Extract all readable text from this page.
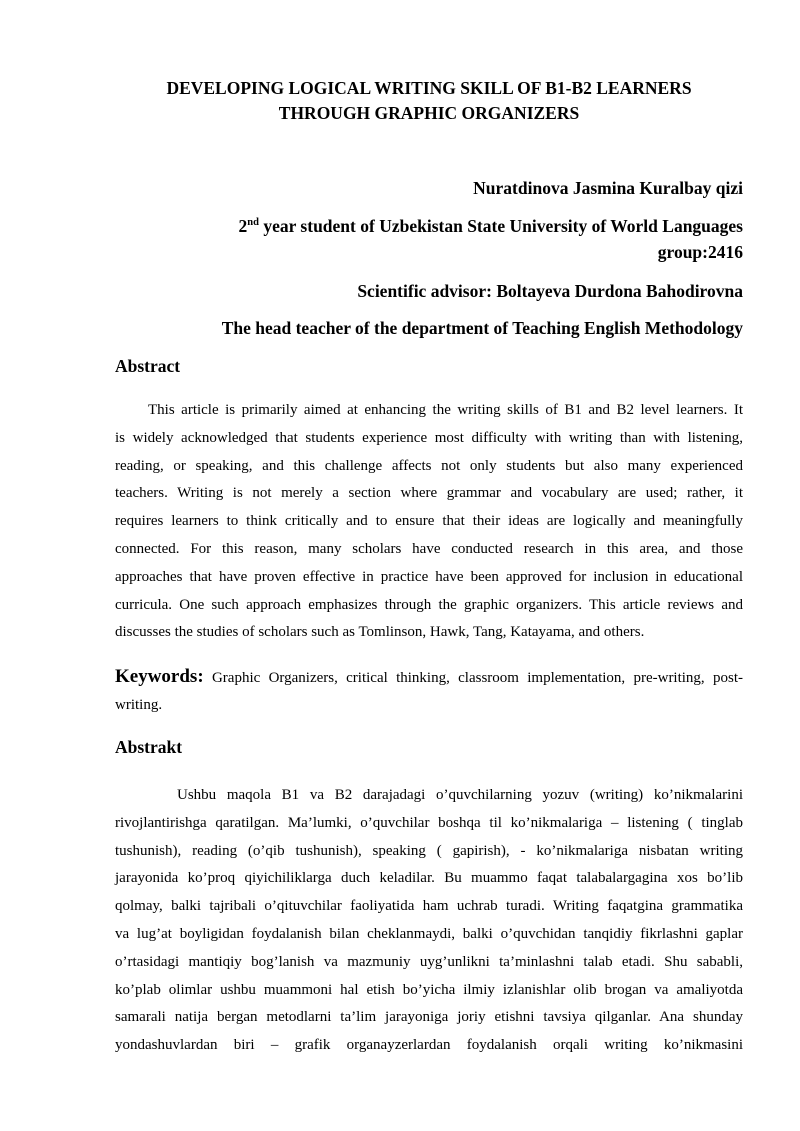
DEVELOPING LOGICAL WRITING SKILL OF B1-B2 LEARNERS
THROUGH GRAPHIC ORGANIZERS
Nuratdinova Jasmina Kuralbay qizi
2nd year student of Uzbekistan State University of World Languages
group:2416
Scientific advisor: Boltayeva Durdona Bahodirovna
The head teacher of the department of Teaching English Methodology
Abstract
This article is primarily aimed at enhancing the writing skills of B1 and B2 level learners. It
is widely acknowledged that students experience most difficulty with writing than with listening,
reading, or speaking, and this challenge affects not only students but also many experienced
teachers. Writing is not merely a section where grammar and vocabulary are used; rather, it
requires learners to think critically and to ensure that their ideas are logically and meaningfully
connected. For this reason, many scholars have conducted research in this area, and those
approaches that have proven effective in practice have been approved for inclusion in educational
curricula. One such approach emphasizes through the graphic organizers. This article reviews and
discusses the studies of scholars such as Tomlinson, Hawk, Tang, Katayama, and others.
Keywords: Graphic Organizers, critical thinking, classroom implementation, pre-writing, post-
writing.
Abstrakt
Ushbu maqola B1 va B2 darajadagi o’quvchilarning yozuv (writing) ko’nikmalarini
rivojlantirishga qaratilgan. Ma’lumki, o’quvchilar boshqa til ko’nikmalariga – listening ( tinglab
tushunish), reading (o’qib tushunish), speaking ( gapirish), - ko’nikmalariga nisbatan writing
jarayonida ko’proq qiyichiliklarga duch keladilar. Bu muammo faqat talabalargagina xos bo’lib
qolmay, balki tajribali o’qituvchilar faoliyatida ham uchrab turadi. Writing faqatgina grammatika
va lug’at boyligidan foydalanish bilan cheklanmaydi, balki o’quvchidan tanqidiy fikrlashni gaplar
o’rtasidagi mantiqiy bog’lanish va mazmuniy uyg’unlikni ta’minlashni talab etadi. Shu sababli,
ko’plab olimlar ushbu muammoni hal etish bo’yicha ilmiy izlanishlar olib brogan va amaliyotda
samarali natija bergan metodlarni ta’lim jarayoniga joriy etishni tavsiya qilganlar. Ana shunday
yondashuvlardan biri – grafik organayzerlardan foydalanish orqali writing ko’nikmasini
